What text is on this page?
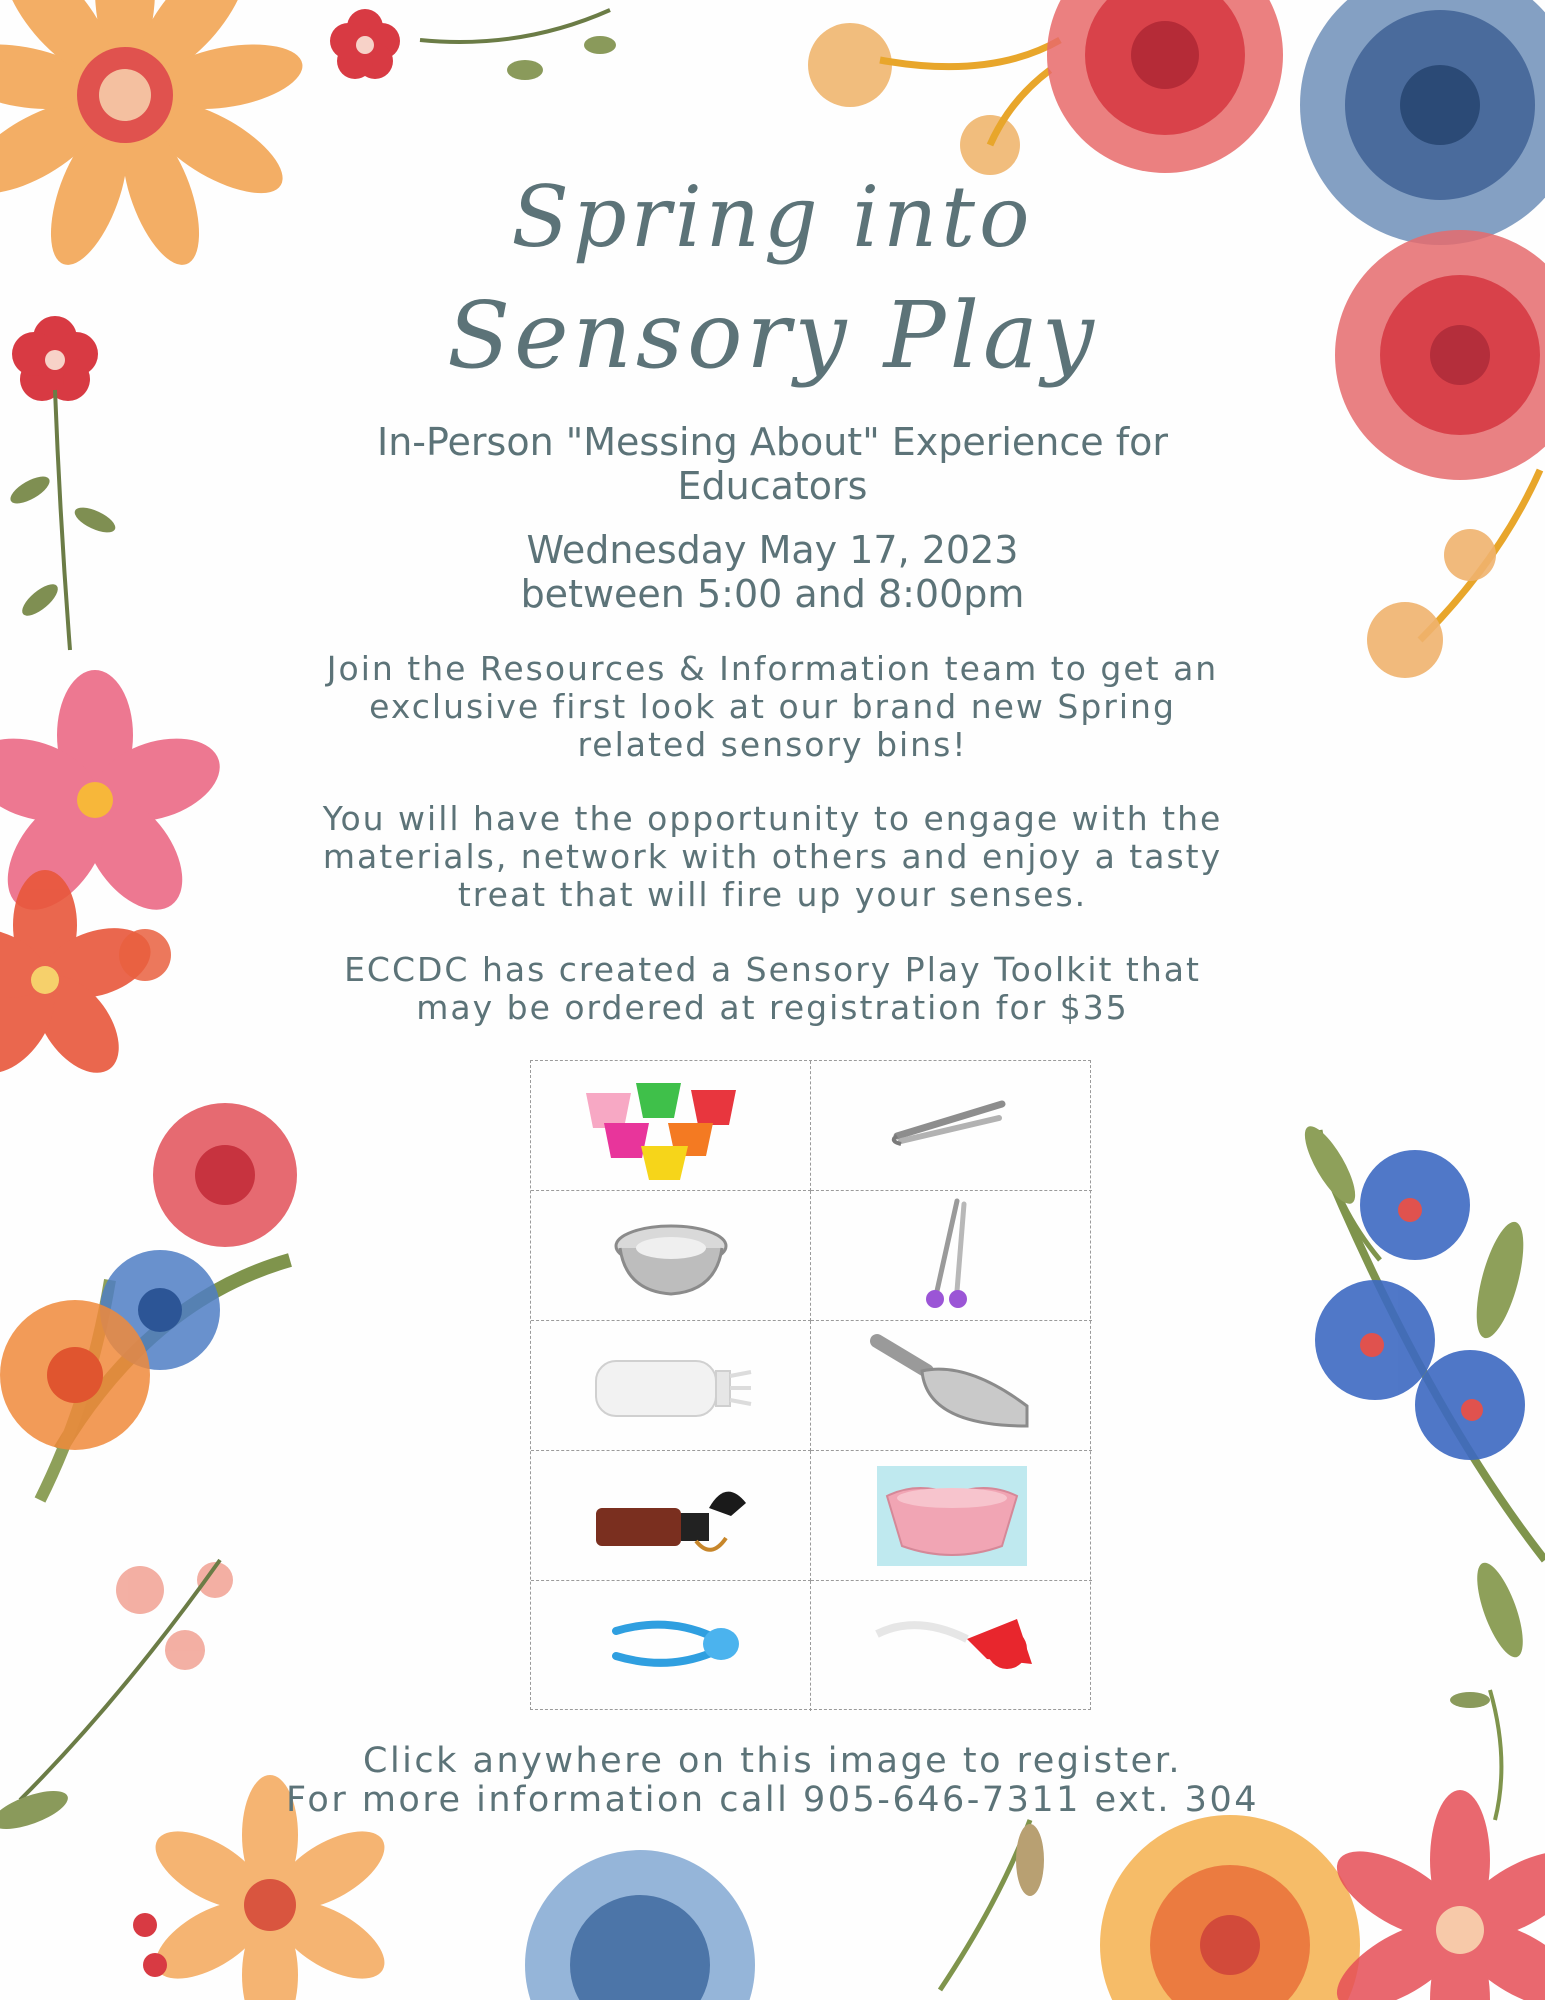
Spring into
Sensory Play

In-Person "Messing About" Experience for

Educators

Wednesday May 17, 2023

between 5:00 and 8:00pm

Join the Resources & Information team to get an

exclusive first look at our brand new Spring

related sensory bins!

You will have the opportunity to engage with the

materials, network with others and enjoy a tasty

treat that will fire up your senses.

ECCDC has created a Sensory Play Toolkit that

may be ordered at registration for $35

Click anywhere on this image to register.

For more information call 905-646-7311 ext. 304
